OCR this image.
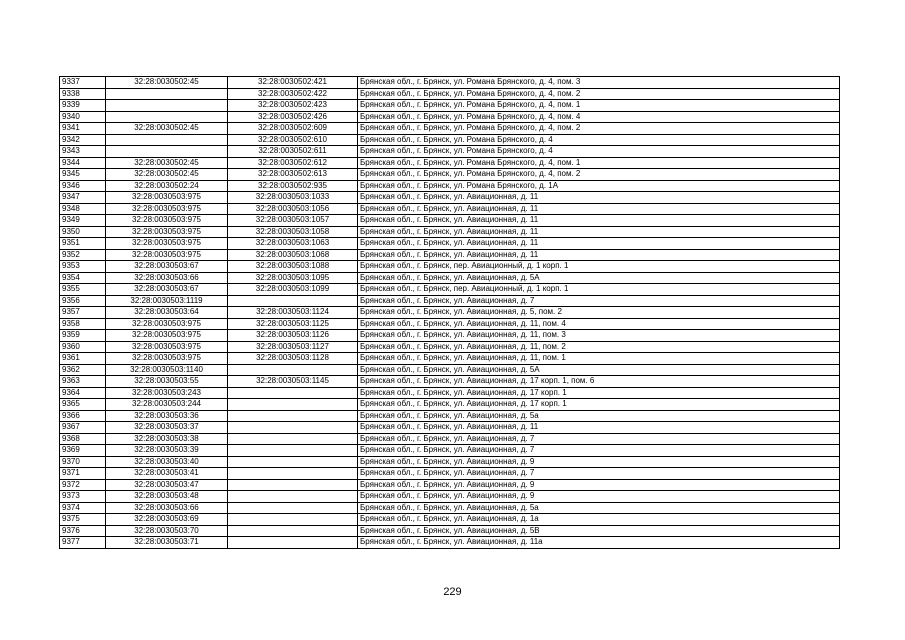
9337	32:28:0030502:45	32:28:0030502:421	Брянская обл., г. Брянск, ул. Романа Брянского, д. 4, пом. 3
9338		32:28:0030502:422	Брянская обл., г. Брянск, ул. Романа Брянского, д. 4, пом. 2
9339		32:28:0030502:423	Брянская обл., г. Брянск, ул. Романа Брянского, д. 4, пом. 1
9340		32:28:0030502:426	Брянская обл., г. Брянск, ул. Романа Брянского, д. 4, пом. 4
9341	32:28:0030502:45	32:28:0030502:609	Брянская обл., г. Брянск, ул. Романа Брянского, д. 4, пом. 2
9342		32:28:0030502:610	Брянская обл., г. Брянск, ул. Романа Брянского, д. 4
9343		32:28:0030502:611	Брянская обл., г. Брянск, ул. Романа Брянского, д. 4
9344	32:28:0030502:45	32:28:0030502:612	Брянская обл., г. Брянск, ул. Романа Брянского, д. 4, пом. 1
9345	32:28:0030502:45	32:28:0030502:613	Брянская обл., г. Брянск, ул. Романа Брянского, д. 4, пом. 2
9346	32:28:0030502:24	32:28:0030502:935	Брянская обл., г. Брянск, ул. Романа Брянского, д. 1А
9347	32:28:0030503:975	32:28:0030503:1033	Брянская обл., г. Брянск, ул. Авиационная, д. 11
9348	32:28:0030503:975	32:28:0030503:1056	Брянская обл., г. Брянск, ул. Авиационная, д. 11
9349	32:28:0030503:975	32:28:0030503:1057	Брянская обл., г. Брянск, ул. Авиационная, д. 11
9350	32:28:0030503:975	32:28:0030503:1058	Брянская обл., г. Брянск, ул. Авиационная, д. 11
9351	32:28:0030503:975	32:28:0030503:1063	Брянская обл., г. Брянск, ул. Авиационная, д. 11
9352	32:28:0030503:975	32:28:0030503:1068	Брянская обл., г. Брянск, ул. Авиационная, д. 11
9353	32:28:0030503:67	32:28:0030503:1088	Брянская обл., г. Брянск, пер. Авиационный, д. 1 корп. 1
9354	32:28:0030503:66	32:28:0030503:1095	Брянская обл., г. Брянск, ул. Авиационная, д. 5А
9355	32:28:0030503:67	32:28:0030503:1099	Брянская обл., г. Брянск, пер. Авиационный, д. 1 корп. 1
9356	32:28:0030503:1119		Брянская обл., г. Брянск, ул. Авиационная, д. 7
9357	32:28:0030503:64	32:28:0030503:1124	Брянская обл., г. Брянск, ул. Авиационная, д. 5, пом. 2
9358	32:28:0030503:975	32:28:0030503:1125	Брянская обл., г. Брянск, ул. Авиационная, д. 11, пом. 4
9359	32:28:0030503:975	32:28:0030503:1126	Брянская обл., г. Брянск, ул. Авиационная, д. 11, пом. 3
9360	32:28:0030503:975	32:28:0030503:1127	Брянская обл., г. Брянск, ул. Авиационная, д. 11, пом. 2
9361	32:28:0030503:975	32:28:0030503:1128	Брянская обл., г. Брянск, ул. Авиационная, д. 11, пом. 1
9362	32:28:0030503:1140		Брянская обл., г. Брянск, ул. Авиационная, д. 5А
9363	32:28:0030503:55	32:28:0030503:1145	Брянская обл., г. Брянск, ул. Авиационная, д. 17 корп. 1, пом. 6
9364	32:28:0030503:243		Брянская обл., г. Брянск, ул. Авиационная, д. 17 корп. 1
9365	32:28:0030503:244		Брянская обл., г. Брянск, ул. Авиационная, д. 17 корп. 1
9366	32:28:0030503:36		Брянская обл., г. Брянск, ул. Авиационная, д. 5а
9367	32:28:0030503:37		Брянская обл., г. Брянск, ул. Авиационная, д. 11
9368	32:28:0030503:38		Брянская обл., г. Брянск, ул. Авиационная, д. 7
9369	32:28:0030503:39		Брянская обл., г. Брянск, ул. Авиационная, д. 7
9370	32:28:0030503:40		Брянская обл., г. Брянск, ул. Авиационная, д. 9
9371	32:28:0030503:41		Брянская обл., г. Брянск, ул. Авиационная, д. 7
9372	32:28:0030503:47		Брянская обл., г. Брянск, ул. Авиационная, д. 9
9373	32:28:0030503:48		Брянская обл., г. Брянск, ул. Авиационная, д. 9
9374	32:28:0030503:66		Брянская обл., г. Брянск, ул. Авиационная, д. 5а
9375	32:28:0030503:69		Брянская обл., г. Брянск, ул. Авиационная, д. 1а
9376	32:28:0030503:70		Брянская обл., г. Брянск, ул. Авиационная, д. 5В
9377	32:28:0030503:71		Брянская обл., г. Брянск, ул. Авиационная, д. 11а
229
